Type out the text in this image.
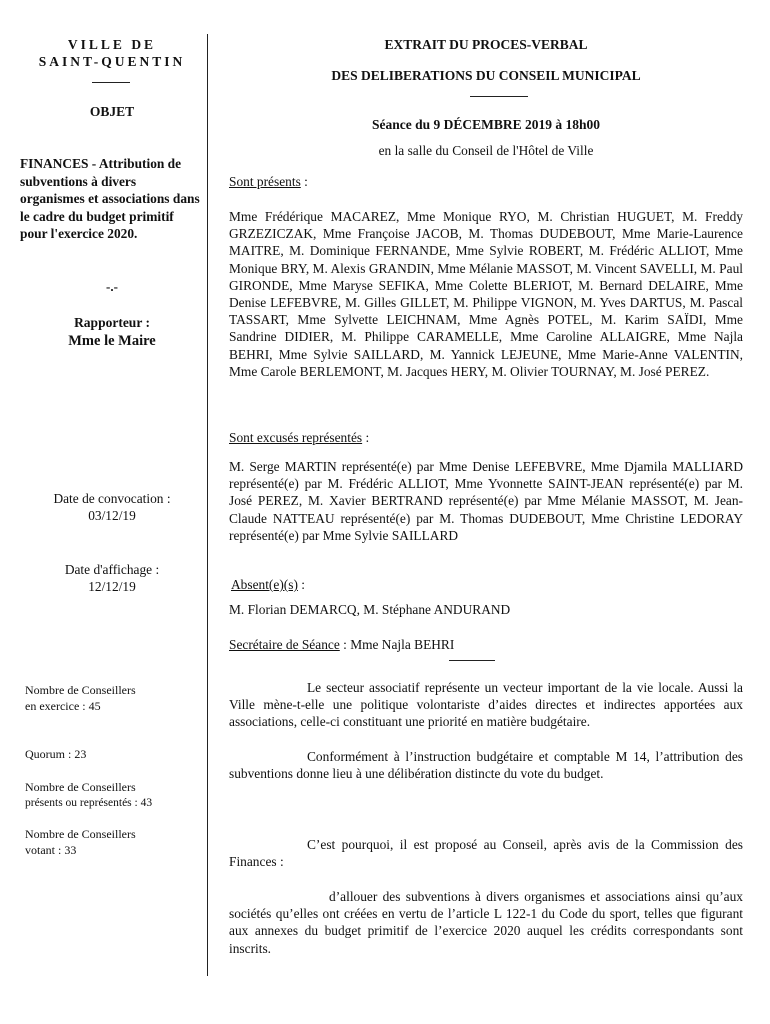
VILLE DE
SAINT-QUENTIN
OBJET
FINANCES - Attribution de subventions à divers organismes et associations dans le cadre du budget primitif pour l'exercice 2020.
-.-
Rapporteur :
Mme le Maire
Date de convocation :
03/12/19
Date d'affichage :
12/12/19
Nombre de Conseillers
en exercice : 45
Quorum : 23
Nombre de Conseillers
présents ou représentés : 43
Nombre de Conseillers
votant : 33
EXTRAIT DU PROCES-VERBAL
DES DELIBERATIONS DU CONSEIL MUNICIPAL
Séance du 9 DÉCEMBRE 2019 à 18h00
en la salle du Conseil de l'Hôtel de Ville
Sont présents :
Mme Frédérique MACAREZ, Mme Monique RYO, M. Christian HUGUET, M. Freddy GRZEZICZAK, Mme Françoise JACOB, M. Thomas DUDEBOUT, Mme Marie-Laurence MAITRE, M. Dominique FERNANDE, Mme Sylvie ROBERT, M. Frédéric ALLIOT, Mme Monique BRY, M. Alexis GRANDIN, Mme Mélanie MASSOT, M. Vincent SAVELLI, M. Paul GIRONDE, Mme Maryse SEFIKA, Mme Colette BLERIOT, M. Bernard DELAIRE, Mme Denise LEFEBVRE, M. Gilles GILLET, M. Philippe VIGNON, M. Yves DARTUS, M. Pascal TASSART, Mme Sylvette LEICHNAM, Mme Agnès POTEL, M. Karim SAÏDI, Mme Sandrine DIDIER, M. Philippe CARAMELLE, Mme Caroline ALLAIGRE, Mme Najla BEHRI, Mme Sylvie SAILLARD, M. Yannick LEJEUNE, Mme Marie-Anne VALENTIN, Mme Carole BERLEMONT, M. Jacques HERY, M. Olivier TOURNAY, M. José PEREZ.
Sont excusés représentés :
M. Serge MARTIN représenté(e) par Mme Denise LEFEBVRE, Mme Djamila MALLIARD représenté(e) par M. Frédéric ALLIOT, Mme Yvonnette SAINT-JEAN représenté(e) par M. José PEREZ, M. Xavier BERTRAND représenté(e) par Mme Mélanie MASSOT, M. Jean-Claude NATTEAU représenté(e) par M. Thomas DUDEBOUT, Mme Christine LEDORAY représenté(e) par Mme Sylvie SAILLARD
Absent(e)(s) :
M. Florian DEMARCQ, M. Stéphane ANDURAND
Secrétaire de Séance : Mme Najla BEHRI
Le secteur associatif représente un vecteur important de la vie locale. Aussi la Ville mène-t-elle une politique volontariste d’aides directes et indirectes apportées aux associations, celle-ci constituant une priorité en matière budgétaire.
Conformément à l’instruction budgétaire et comptable M 14, l’attribution des subventions donne lieu à une délibération distincte du vote du budget.
C’est pourquoi, il est proposé au Conseil, après avis de la Commission des Finances :
d’allouer des subventions à divers organismes et associations ainsi qu’aux sociétés qu’elles ont créées en vertu de l’article L 122-1 du Code du sport, telles que figurant aux annexes du budget primitif de l’exercice 2020 auquel les crédits correspondants sont inscrits.
